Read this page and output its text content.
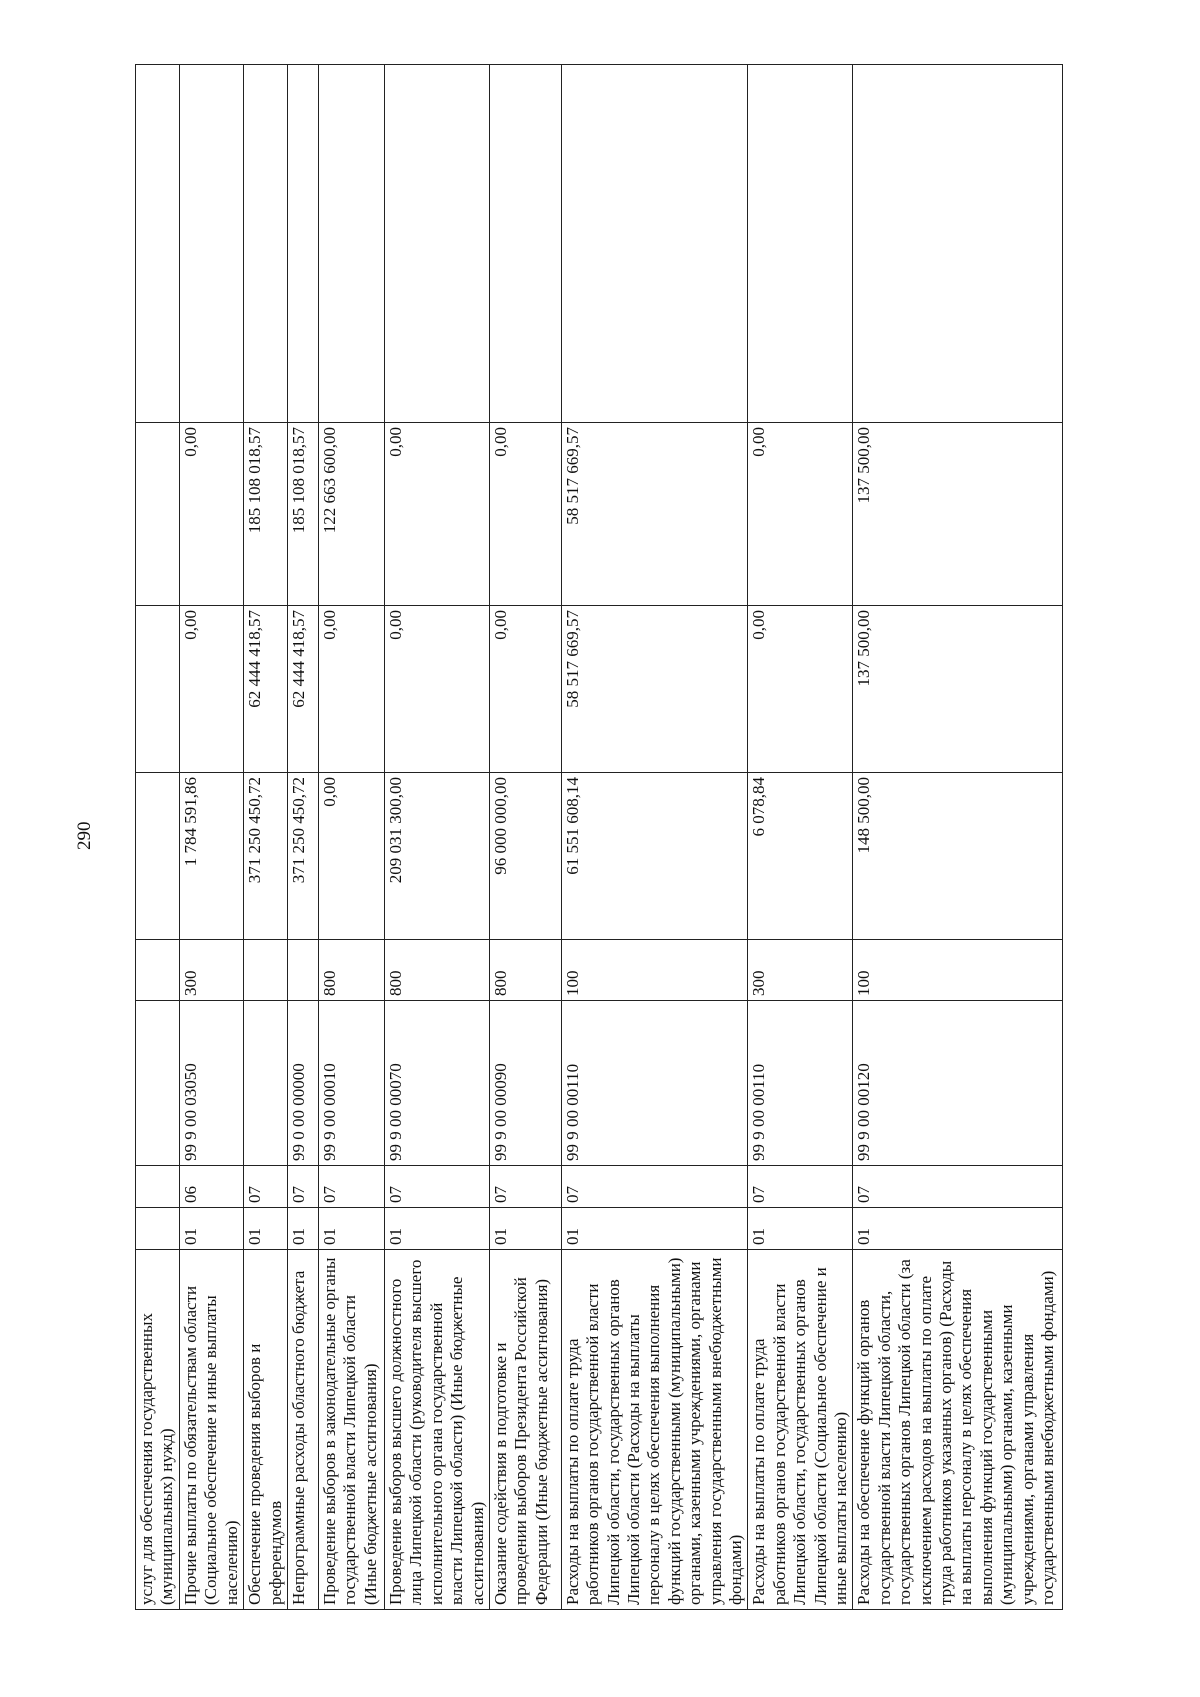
290
услуг для обеспечения государственных (муниципальных) нужд)								
Прочие выплаты по обязательствам области (Социальное обеспечение и иные выплаты населению)	01	06	99 9 00 03050	300	1 784 591,86	0,00	0,00	
Обеспечение проведения выборов и референдумов	01	07			371 250 450,72	62 444 418,57	185 108 018,57	
Непрограммные расходы областного бюджета	01	07	99 0 00 00000		371 250 450,72	62 444 418,57	185 108 018,57	
Проведение выборов в законодательные органы государственной власти Липецкой области (Иные бюджетные ассигнования)	01	07	99 9 00 00010	800	0,00	0,00	122 663 600,00	
Проведение выборов высшего должностного лица Липецкой области (руководителя высшего исполнительного органа государственной власти Липецкой области) (Иные бюджетные ассигнования)	01	07	99 9 00 00070	800	209 031 300,00	0,00	0,00	
Оказание содействия в подготовке и проведении выборов Президента Российской Федерации (Иные бюджетные ассигнования)	01	07	99 9 00 00090	800	96 000 000,00	0,00	0,00	
Расходы на выплаты по оплате труда работников органов государственной власти Липецкой области, государственных органов Липецкой области (Расходы на выплаты персоналу в целях обеспечения выполнения функций государственными (муниципальными) органами, казенными учреждениями, органами управления государственными внебюджетными фондами)	01	07	99 9 00 00110	100	61 551 608,14	58 517 669,57	58 517 669,57	
Расходы на выплаты по оплате труда работников органов государственной власти Липецкой области, государственных органов Липецкой области (Социальное обеспечение и иные выплаты населению)	01	07	99 9 00 00110	300	6 078,84	0,00	0,00	
Расходы на обеспечение функций органов государственной власти Липецкой области, государственных органов Липецкой области (за исключением расходов на выплаты по оплате труда работников указанных органов) (Расходы на выплаты персоналу в целях обеспечения выполнения функций государственными (муниципальными) органами, казенными учреждениями, органами управления государственными внебюджетными фондами)	01	07	99 9 00 00120	100	148 500,00	137 500,00	137 500,00	
